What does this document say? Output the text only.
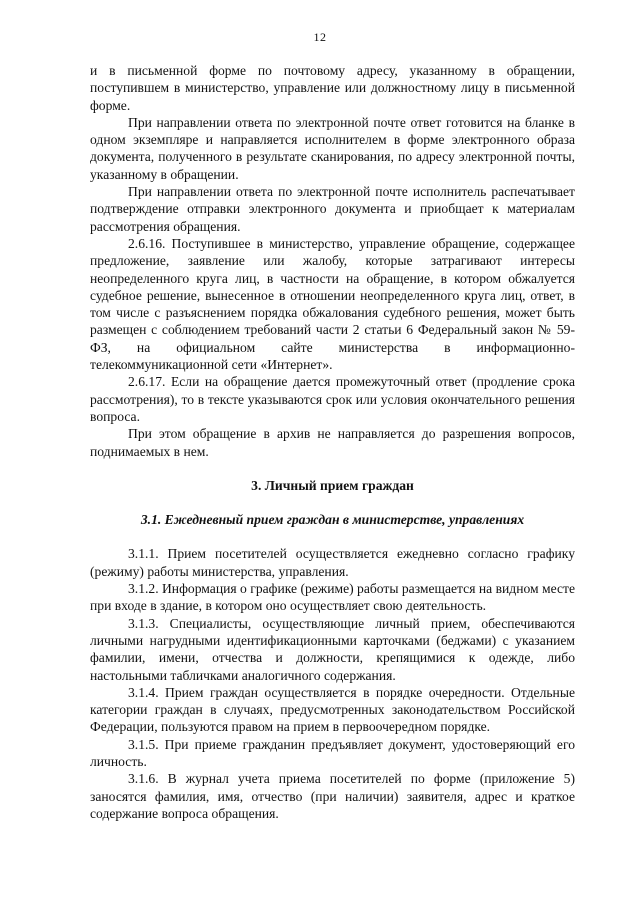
12

и в письменной форме по почтовому адресу, указанному в обращении, поступившем в министерство, управление или должностному лицу в письменной форме.

При направлении ответа по электронной почте ответ готовится на бланке в одном экземпляре и направляется исполнителем в форме электронного образа документа, полученного в результате сканирования, по адресу электронной почты, указанному в обращении.

При направлении ответа по электронной почте исполнитель распечатывает подтверждение отправки электронного документа и приобщает к материалам рассмотрения обращения.

2.6.16. Поступившее в министерство, управление обращение, содержащее предложение, заявление или жалобу, которые затрагивают интересы неопределенного круга лиц, в частности на обращение, в котором обжалуется судебное решение, вынесенное в отношении неопределенного круга лиц, ответ, в том числе с разъяснением порядка обжалования судебного решения, может быть размещен с соблюдением требований части 2 статьи 6 Федеральный закон № 59-ФЗ, на официальном сайте министерства в информационно-телекоммуникационной сети «Интернет».

2.6.17. Если на обращение дается промежуточный ответ (продление срока рассмотрения), то в тексте указываются срок или условия окончательного решения вопроса.

При этом обращение в архив не направляется до разрешения вопросов, поднимаемых в нем.

3. Личный прием граждан

3.1. Ежедневный прием граждан в министерстве, управлениях

3.1.1. Прием посетителей осуществляется ежедневно согласно графику (режиму) работы министерства, управления.

3.1.2. Информация о графике (режиме) работы размещается на видном месте при входе в здание, в котором оно осуществляет свою деятельность.

3.1.3. Специалисты, осуществляющие личный прием, обеспечиваются личными нагрудными идентификационными карточками (беджами) с указанием фамилии, имени, отчества и должности, крепящимися к одежде, либо настольными табличками аналогичного содержания.

3.1.4. Прием граждан осуществляется в порядке очередности. Отдельные категории граждан в случаях, предусмотренных законодательством Российской Федерации, пользуются правом на прием в первоочередном порядке.

3.1.5. При приеме гражданин предъявляет документ, удостоверяющий его личность.

3.1.6. В журнал учета приема посетителей по форме (приложение 5) заносятся фамилия, имя, отчество (при наличии) заявителя, адрес и краткое содержание вопроса обращения.
